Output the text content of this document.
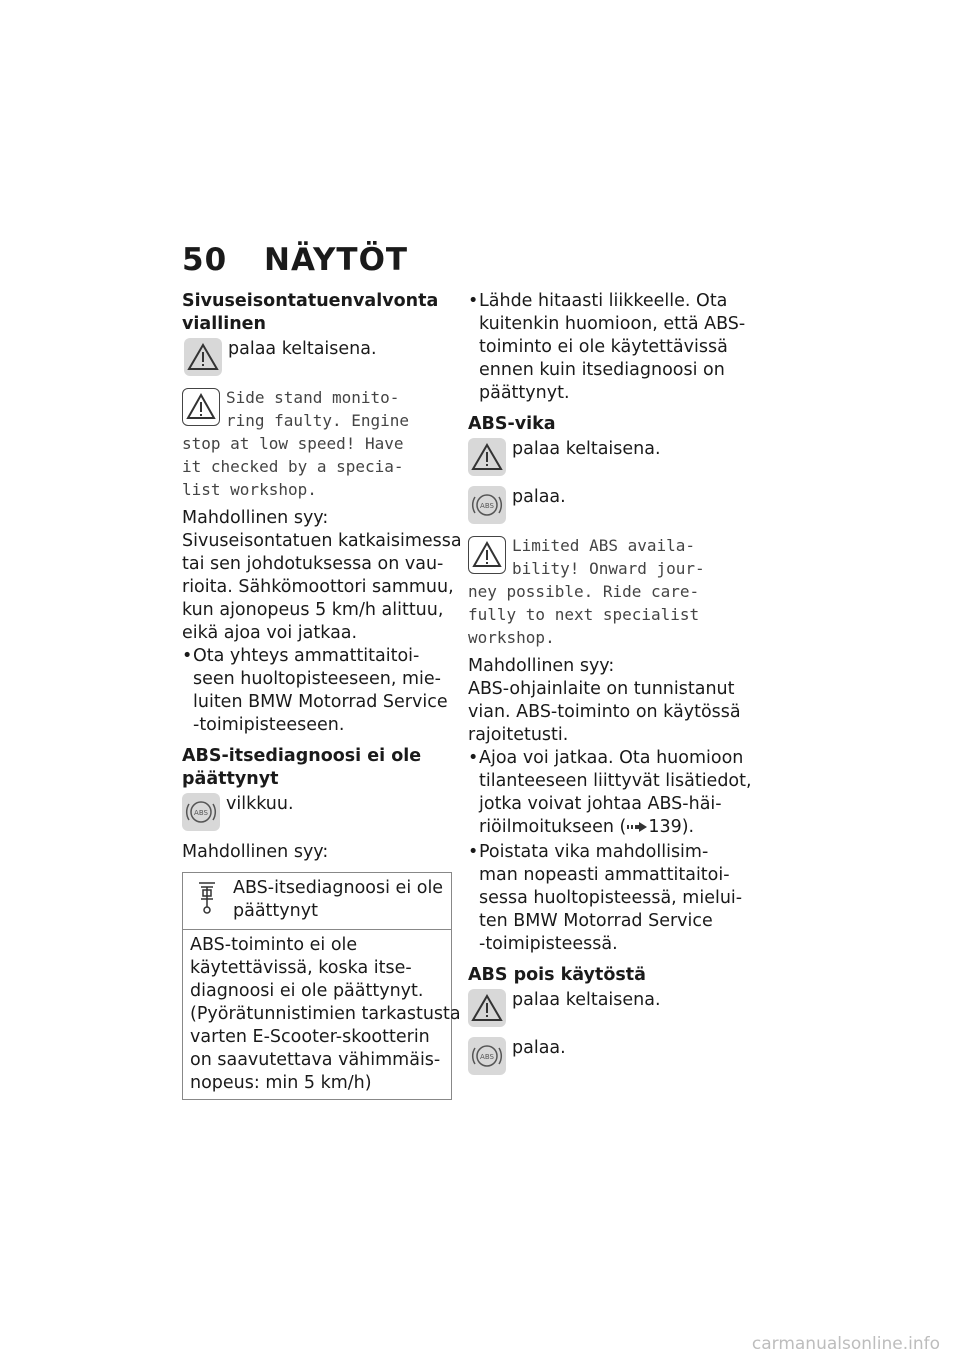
50 NÄYTÖT
Sivuseisontatuenvalvonta
viallinen
palaa keltaisena.
Side stand monito-
ring faulty. Engine
stop at low speed! Have
it checked by a specia-
list workshop.
Mahdollinen syy:
Sivuseisontatuen katkaisimessa
tai sen johdotuksessa on vau-
rioita. Sähkömoottori sammuu,
kun ajonopeus 5 km/h alittuu,
eikä ajoa voi jatkaa.
• Ota yhteys ammattitaitoi-
seen huoltopisteeseen, mie-
luiten BMW Motorrad Service
-toimipisteeseen.
ABS-itsediagnoosi ei ole
päättynyt
ABS vilkkuu.
Mahdollinen syy:
ABS-itsediagnoosi ei ole
päättynyt
ABS-toiminto ei ole
käytettävissä, koska itse-
diagnoosi ei ole päättynyt.
(Pyörätunnistimien tarkastusta
varten E-Scooter-skootterin
on saavutettava vähimmäis-
nopeus: min 5 km/h)
• Lähde hitaasti liikkeelle. Ota
kuitenkin huomioon, että ABS-
toiminto ei ole käytettävissä
ennen kuin itsediagnoosi on
päättynyt.
ABS-vika
palaa keltaisena.
ABS palaa.
Limited ABS availa-
bility! Onward jour-
ney possible. Ride care-
fully to next specialist
workshop.
Mahdollinen syy:
ABS-ohjainlaite on tunnistanut
vian. ABS-toiminto on käytössä
rajoitetusti.
• Ajoa voi jatkaa. Ota huomioon
tilanteeseen liittyvät lisätiedot,
jotka voivat johtaa ABS-häi-
riöilmoitukseen ( 139).
• Poistata vika mahdollisim-
man nopeasti ammattitaitoi-
sessa huoltopisteessä, mielui-
ten BMW Motorrad Service
-toimipisteessä.
ABS pois käytöstä
palaa keltaisena.
ABS palaa.
carmanualsonline.info
